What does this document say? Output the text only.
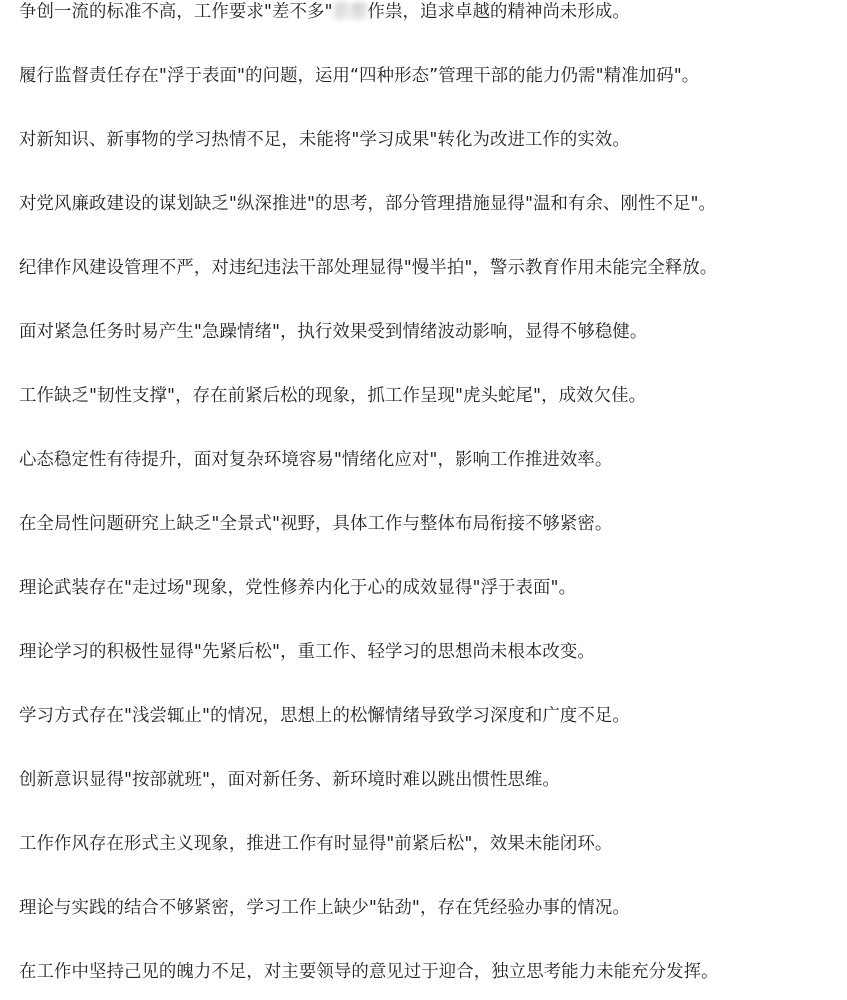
争创一流的标准不高，工作要求"差不多"思想作祟，追求卓越的精神尚未形成。
履行监督责任存在"浮于表面"的问题，运用“四种形态”管理干部的能力仍需"精准加码"。
对新知识、新事物的学习热情不足，未能将"学习成果"转化为改进工作的实效。
对党风廉政建设的谋划缺乏"纵深推进"的思考，部分管理措施显得"温和有余、刚性不足"。
纪律作风建设管理不严，对违纪违法干部处理显得"慢半拍"，警示教育作用未能完全释放。
面对紧急任务时易产生"急躁情绪"，执行效果受到情绪波动影响，显得不够稳健。
工作缺乏"韧性支撑"，存在前紧后松的现象，抓工作呈现"虎头蛇尾"，成效欠佳。
心态稳定性有待提升，面对复杂环境容易"情绪化应对"，影响工作推进效率。
在全局性问题研究上缺乏"全景式"视野，具体工作与整体布局衔接不够紧密。
理论武装存在"走过场"现象，党性修养内化于心的成效显得"浮于表面"。
理论学习的积极性显得"先紧后松"，重工作、轻学习的思想尚未根本改变。
学习方式存在"浅尝辄止"的情况，思想上的松懈情绪导致学习深度和广度不足。
创新意识显得"按部就班"，面对新任务、新环境时难以跳出惯性思维。
工作作风存在形式主义现象，推进工作有时显得"前紧后松"，效果未能闭环。
理论与实践的结合不够紧密，学习工作上缺少"钻劲"，存在凭经验办事的情况。
在工作中坚持己见的魄力不足，对主要领导的意见过于迎合，独立思考能力未能充分发挥。
